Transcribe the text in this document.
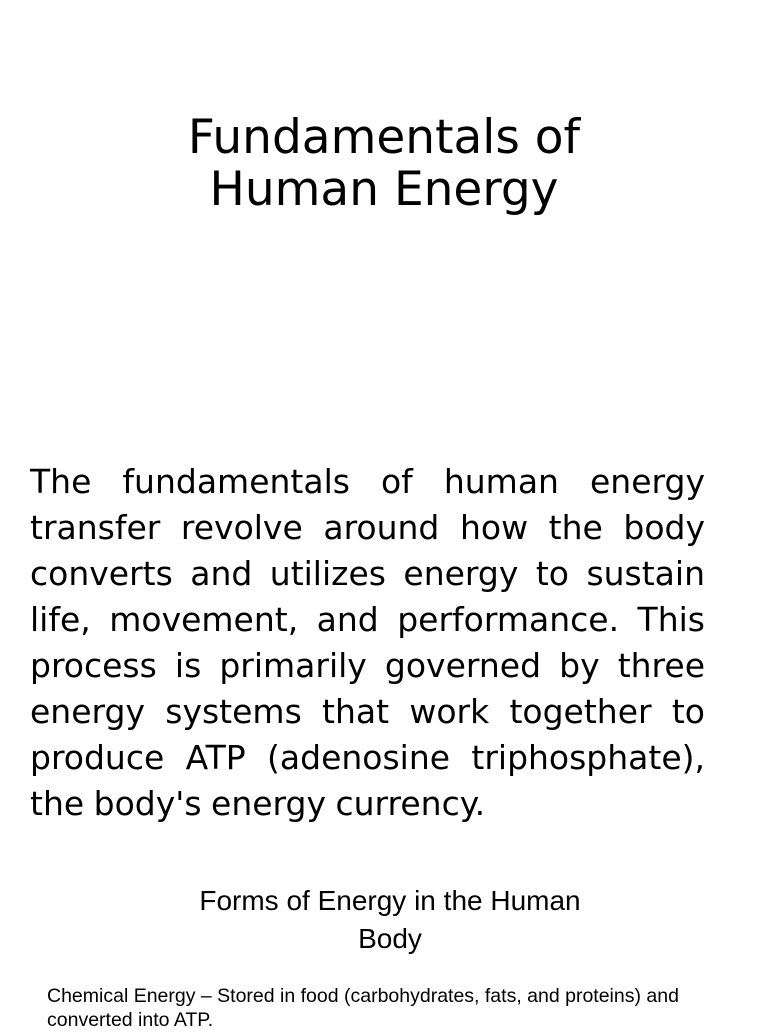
Fundamentals of
Human Energy

The fundamentals of human energy transfer revolve around how the body converts and utilizes energy to sustain life, movement, and performance. This process is primarily governed by three energy systems that work together to produce ATP (adenosine triphosphate), the body's energy currency.

Forms of Energy in the Human
Body

Chemical Energy – Stored in food (carbohydrates, fats, and proteins) and converted into ATP.
